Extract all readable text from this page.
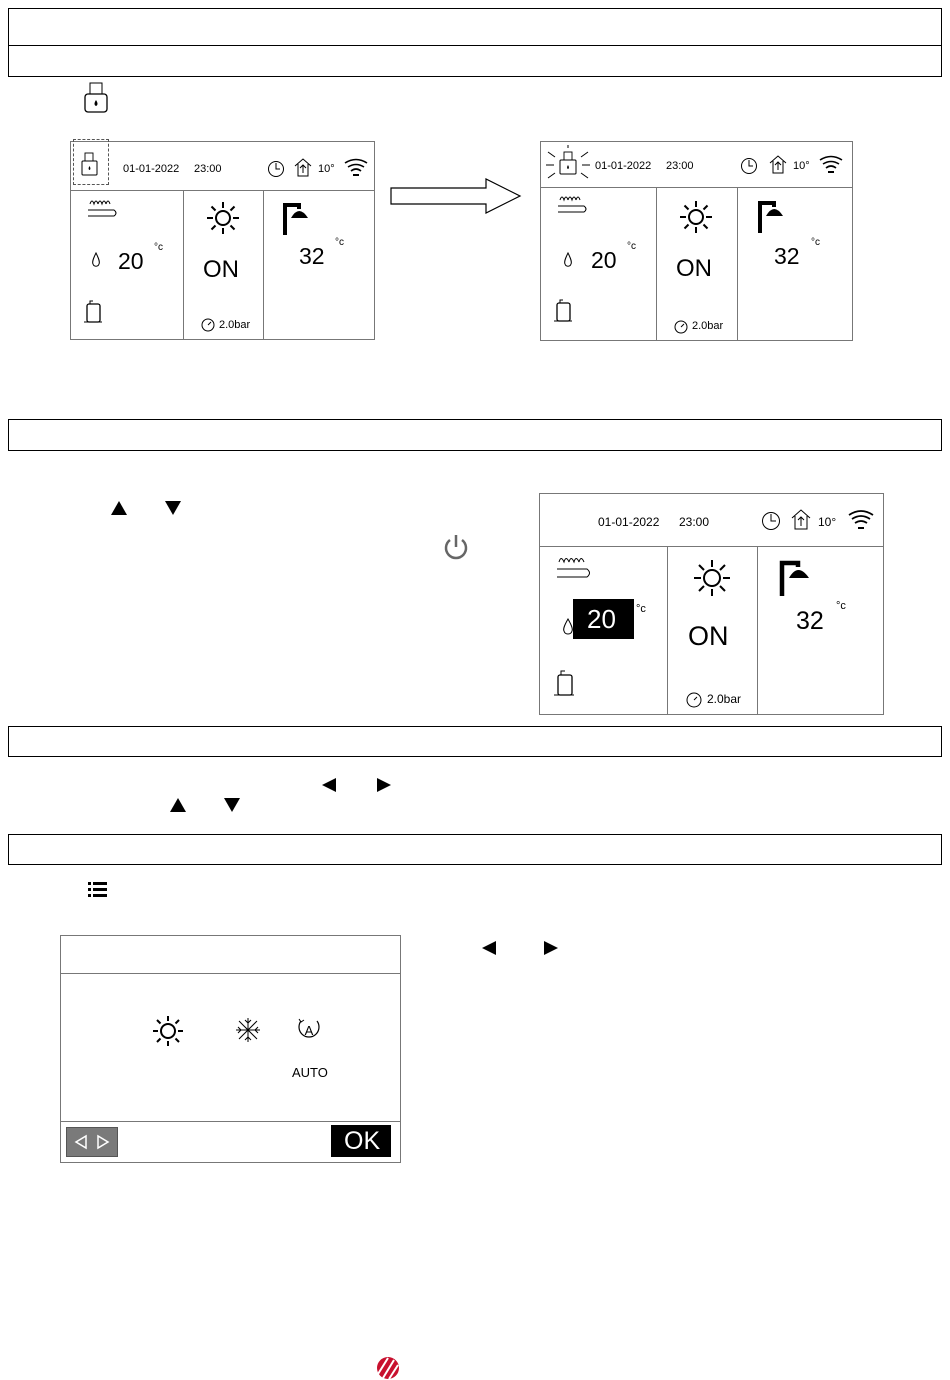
01-01-2022 23:00	10°
20
°c
ON
2.0bar
32
°c
01-01-2022 23:00	10°
20
°c
ON
2.0bar
32
°c
01-01-2022 23:00	10°
20 °c
ON
2.0bar
32
°c
A
AUTO
OK
